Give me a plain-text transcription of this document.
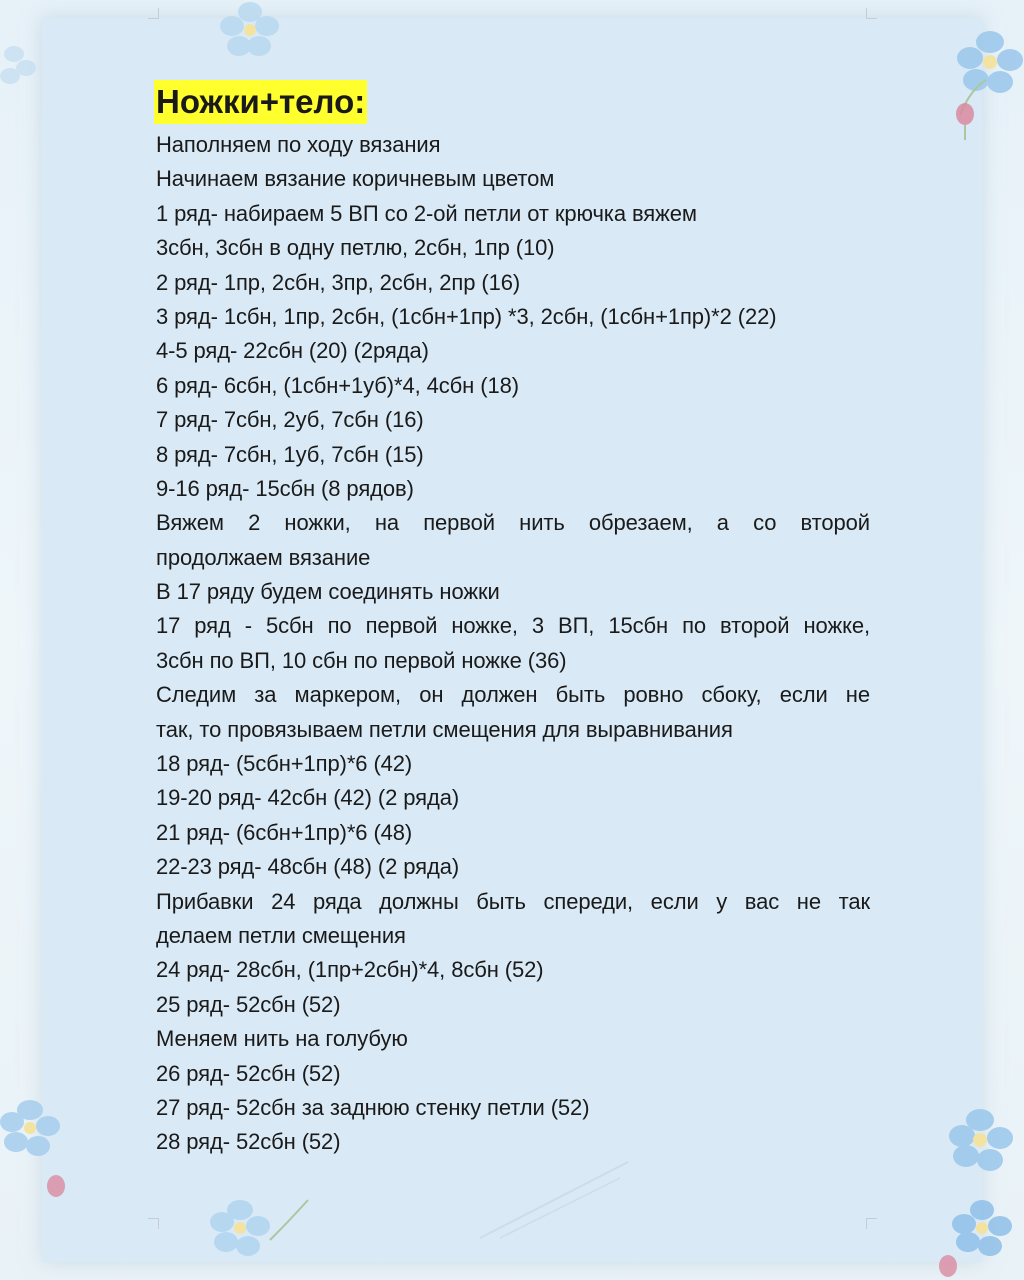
Ножки+тело:
Наполняем по ходу вязания
Начинаем вязание коричневым цветом
1 ряд- набираем 5 ВП со 2-ой петли от крючка вяжем
3сбн, 3сбн в одну петлю, 2сбн, 1пр (10)
2 ряд- 1пр, 2сбн, 3пр, 2сбн, 2пр (16)
3 ряд- 1сбн, 1пр, 2сбн, (1сбн+1пр) *3, 2сбн, (1сбн+1пр)*2 (22)
4-5 ряд- 22сбн (20) (2ряда)
6 ряд- 6сбн, (1сбн+1уб)*4, 4сбн (18)
7 ряд- 7сбн, 2уб, 7сбн (16)
8 ряд- 7сбн, 1уб, 7сбн (15)
9-16 ряд- 15сбн (8 рядов)
Вяжем 2 ножки, на первой нить обрезаем, а со второй
продолжаем вязание
В 17 ряду будем соединять ножки
17 ряд - 5сбн по первой ножке, 3 ВП, 15сбн по второй ножке,
3сбн по ВП, 10 сбн по первой ножке (36)
Следим за маркером, он должен быть ровно сбоку, если не
так, то провязываем петли смещения для выравнивания
18 ряд- (5сбн+1пр)*6 (42)
19-20 ряд- 42сбн (42) (2 ряда)
21 ряд- (6сбн+1пр)*6 (48)
22-23 ряд- 48сбн (48) (2 ряда)
Прибавки 24 ряда должны быть спереди, если у вас не так
делаем петли смещения
24 ряд- 28сбн, (1пр+2сбн)*4, 8сбн (52)
25 ряд- 52сбн (52)
Меняем нить на голубую
26 ряд- 52сбн (52)
27 ряд- 52сбн за заднюю стенку петли (52)
28 ряд- 52сбн (52)
